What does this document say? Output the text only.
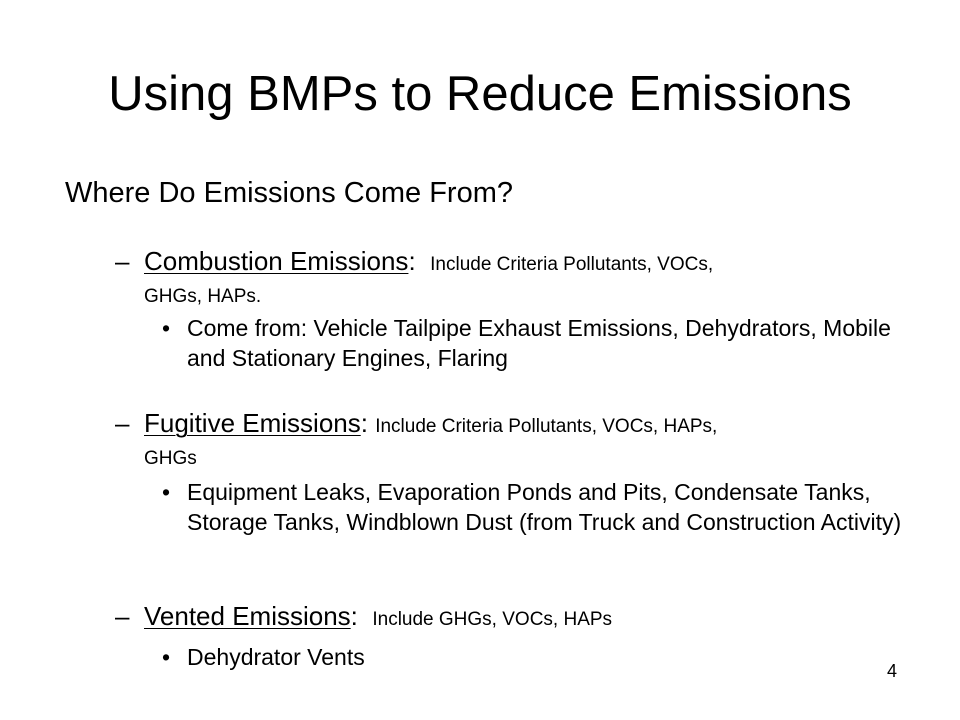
Using BMPs to Reduce Emissions
Where Do Emissions Come From?
– Combustion Emissions: Include Criteria Pollutants, VOCs,
GHGs, HAPs.
• Come from: Vehicle Tailpipe Exhaust Emissions, Dehydrators, Mobile and Stationary Engines, Flaring
– Fugitive Emissions: Include Criteria Pollutants, VOCs, HAPs,
GHGs
• Equipment Leaks, Evaporation Ponds and Pits, Condensate Tanks, Storage Tanks, Windblown Dust (from Truck and Construction Activity)
– Vented Emissions: Include GHGs, VOCs, HAPs
• Dehydrator Vents
4
